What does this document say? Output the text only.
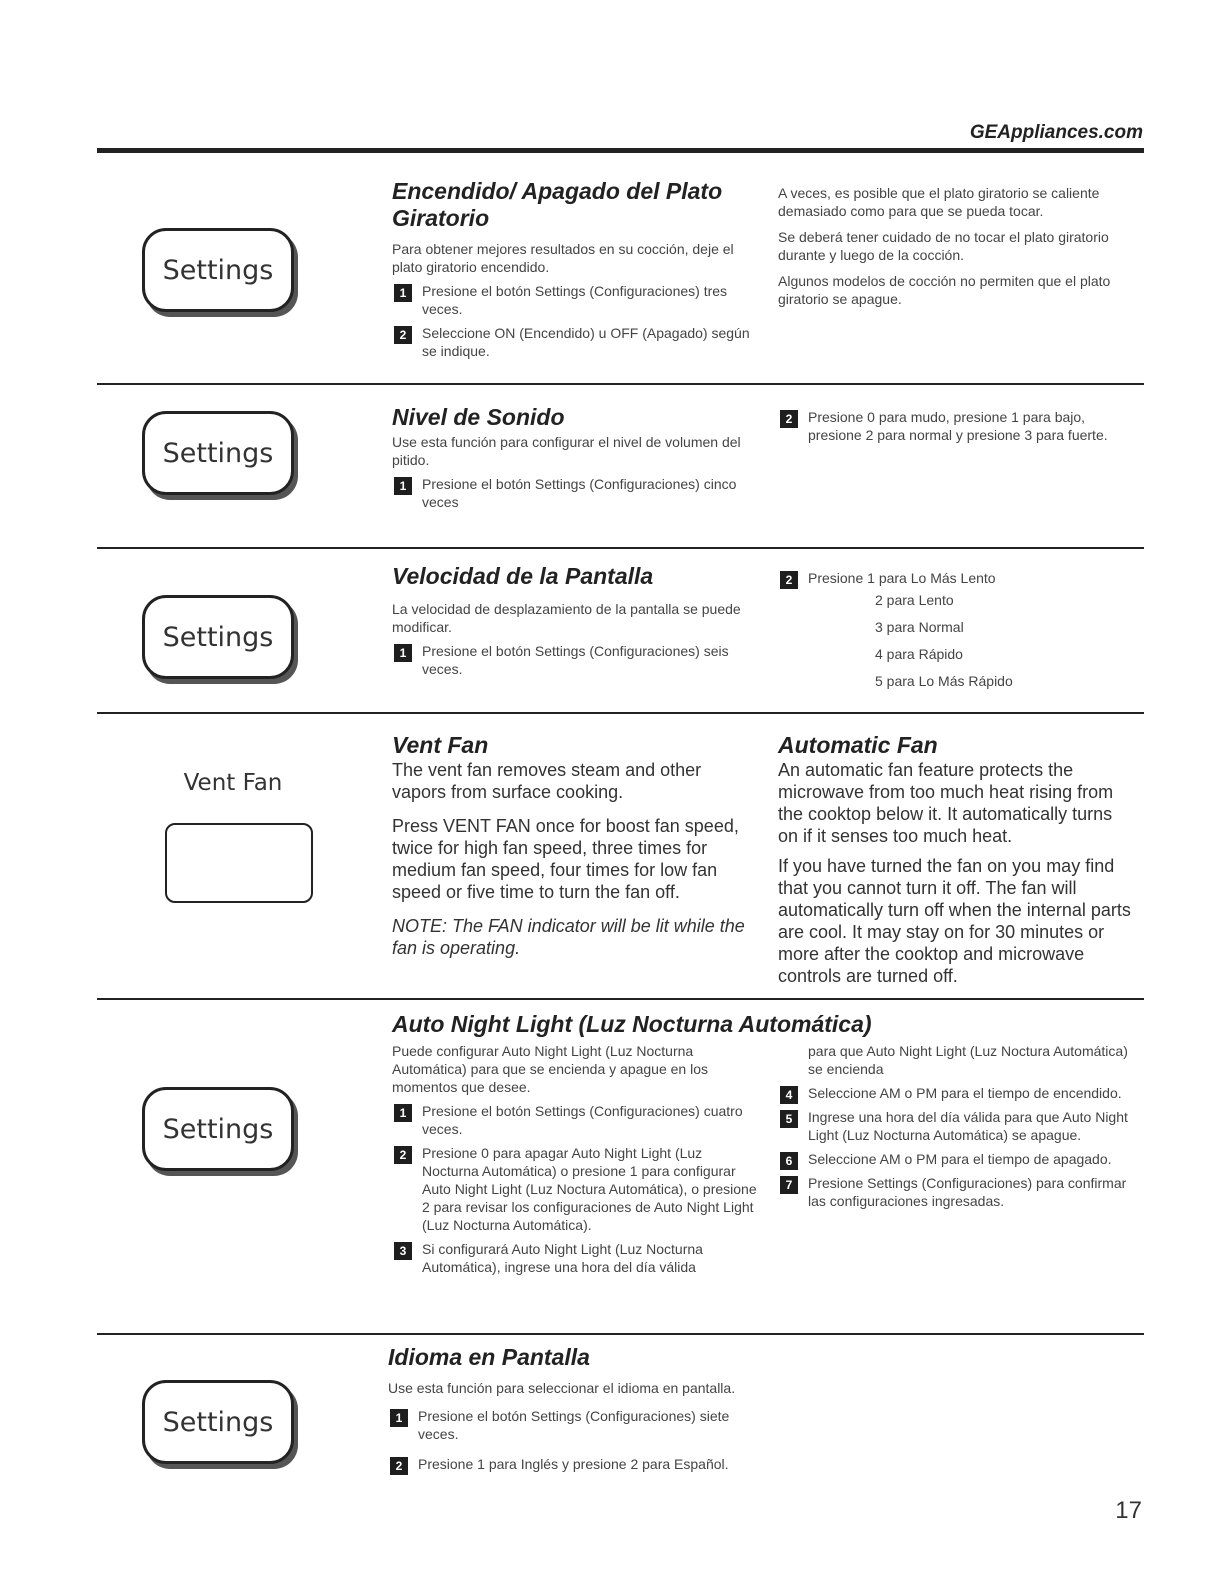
GEAppliances.com
Settings
Encendido/ Apagado del Plato Giratorio
Para obtener mejores resultados en su cocción, deje el plato giratorio encendido.
1	Presione el botón Settings (Configuraciones) tres veces.
2	Seleccione ON (Encendido) u OFF (Apagado) según se indique.
A veces, es posible que el plato giratorio se caliente demasiado como para que se pueda tocar.
Se deberá tener cuidado de no tocar el plato giratorio durante y luego de la cocción.
Algunos modelos de cocción no permiten que el plato giratorio se apague.
Settings
Nivel de Sonido
Use esta función para configurar el nivel de volumen del pitido.
1	Presione el botón Settings (Configuraciones) cinco veces
2	Presione 0 para mudo, presione 1 para bajo, presione 2 para normal y presione 3 para fuerte.
Settings
Velocidad de la Pantalla
La velocidad de desplazamiento de la pantalla se puede modificar.
1	Presione el botón Settings (Configuraciones) seis veces.
2	Presione 1 para Lo Más Lento
2 para Lento
3 para Normal
4 para Rápido
5 para Lo Más Rápido
Vent Fan
Vent Fan
The vent fan removes steam and other vapors from surface cooking.
Press VENT FAN once for boost fan speed, twice for high fan speed, three times for medium fan speed, four times for low fan speed or five time to turn the fan off.
NOTE: The FAN indicator will be lit while the fan is operating.
Automatic Fan
An automatic fan feature protects the microwave from too much heat rising from the cooktop below it. It automatically turns on if it senses too much heat.
If you have turned the fan on you may find that you cannot turn it off. The fan will automatically turn off when the internal parts are cool. It may stay on for 30 minutes or more after the cooktop and microwave controls are turned off.
Settings
Auto Night Light (Luz Nocturna Automática)
Puede configurar Auto Night Light (Luz Nocturna Automática) para que se encienda y apague en los momentos que desee.
1	Presione el botón Settings (Configuraciones) cuatro veces.
2	Presione 0 para apagar Auto Night Light (Luz Nocturna Automática) o presione 1 para configurar Auto Night Light (Luz Noctura Automática), o presione 2 para revisar los configuraciones de Auto Night Light (Luz Nocturna Automática).
3	Si configurará Auto Night Light (Luz Nocturna Automática), ingrese una hora del día válida
para que Auto Night Light (Luz Noctura Automática) se encienda
4	Seleccione AM o PM para el tiempo de encendido.
5	Ingrese una hora del día válida para que Auto Night Light (Luz Nocturna Automática) se apague.
6	Seleccione AM o PM para el tiempo de apagado.
7	Presione Settings (Configuraciones) para confirmar las configuraciones ingresadas.
Settings
Idioma en Pantalla
Use esta función para seleccionar el idioma en pantalla.
1	Presione el botón Settings (Configuraciones) siete veces.
2	Presione 1 para Inglés y presione 2 para Español.
17
